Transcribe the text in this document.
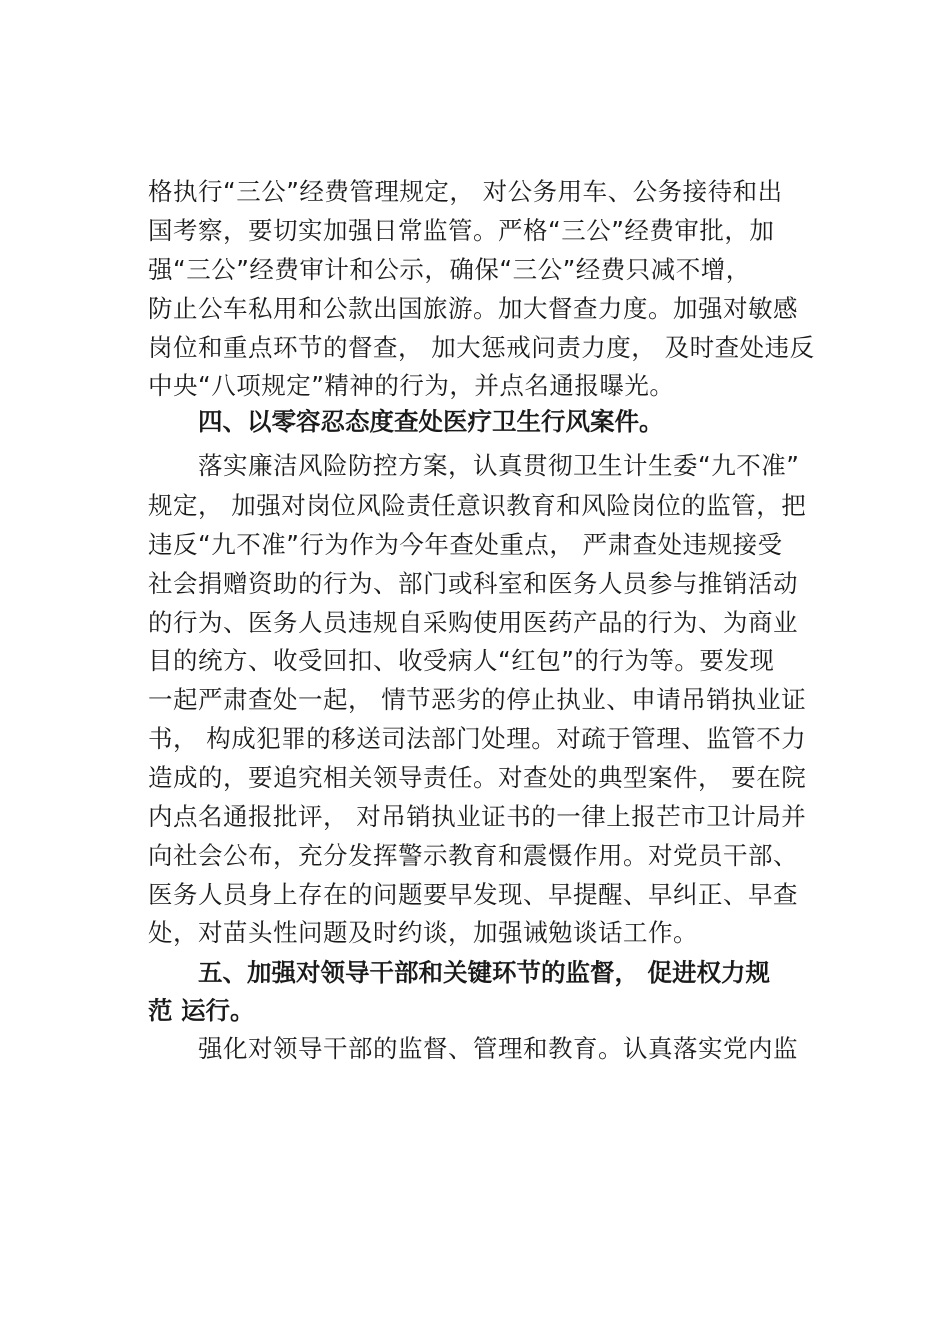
格执行“三公”经费管理规定， 对公务用车、公务接待和出
国考察，要切实加强日常监管。严格“三公”经费审批，加
强“三公”经费审计和公示，确保“三公”经费只减不增，
防止公车私用和公款出国旅游。加大督查力度。加强对敏感
岗位和重点环节的督查， 加大惩戒问责力度， 及时查处违反
中央“八项规定”精神的行为，并点名通报曝光。
四、以零容忍态度查处医疗卫生行风案件。
落实廉洁风险防控方案，认真贯彻卫生计生委“九不准”
规定， 加强对岗位风险责任意识教育和风险岗位的监管，把
违反“九不准”行为作为今年查处重点， 严肃查处违规接受
社会捐赠资助的行为、部门或科室和医务人员参与推销活动
的行为、医务人员违规自采购使用医药产品的行为、为商业
目的统方、收受回扣、收受病人“红包”的行为等。要发现
一起严肃查处一起， 情节恶劣的停止执业、申请吊销执业证
书， 构成犯罪的移送司法部门处理。对疏于管理、监管不力
造成的，要追究相关领导责任。对查处的典型案件， 要在院
内点名通报批评， 对吊销执业证书的一律上报芒市卫计局并
向社会公布，充分发挥警示教育和震慑作用。对党员干部、
医务人员身上存在的问题要早发现、早提醒、早纠正、早查
处，对苗头性问题及时约谈，加强诫勉谈话工作。
五、加强对领导干部和关键环节的监督， 促进权力规
范 运行。
强化对领导干部的监督、管理和教育。认真落实党内监
